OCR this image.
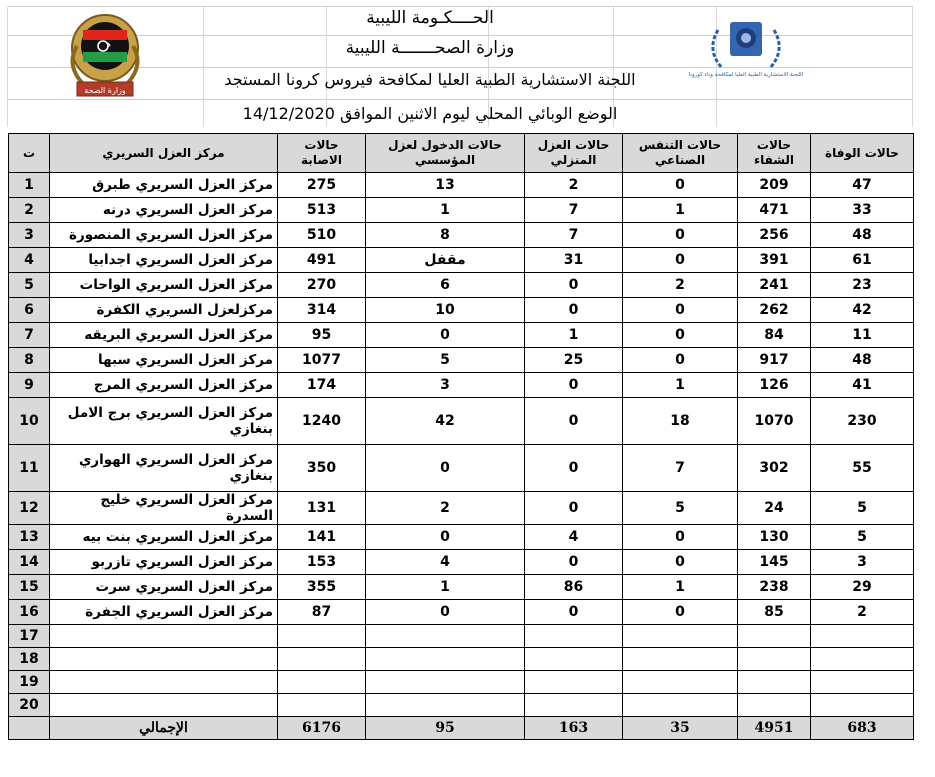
وزارة الصحة
اللجنة الاستشارية الطبية العليا لمكافحة وباء كورونا
الحــــكـومة الليبية
وزارة الصحـــــــة الليبية
اللجنة الاستشارية الطبية العليا لمكافحة فيروس كرونا المستجد
الوضع الوبائي المحلي ليوم الاثنين الموافق 14/12/2020
ت	مركز العزل السريري	حالات الاصابة	حالات الدخول لعزل المؤسسي	حالات العزل المنزلي	حالات التنفس الصناعي	حالات الشفاء	حالات الوفاة
1	مركز العزل السريري طبرق	275	13	2	0	209	47
2	مركز العزل السريري درنه	513	1	7	1	471	33
3	مركز العزل السريري المنصورة	510	8	7	0	256	48
4	مركز العزل السريري اجدابيا	491	مقفل	31	0	391	61
5	مركز العزل السريري الواحات	270	6	0	2	241	23
6	مركزلعزل السريري الكفرة	314	10	0	0	262	42
7	مركز العزل السريري البريقه	95	0	1	0	84	11
8	مركز العزل السريري سبها	1077	5	25	0	917	48
9	مركز العزل السريري المرج	174	3	0	1	126	41
10	مركز العزل السريري برج الامل بنغازي	1240	42	0	18	1070	230
11	مركز العزل السريري الهواري بنغازي	350	0	0	7	302	55
12	مركز العزل السريري خليج السدرة	131	2	0	5	24	5
13	مركز العزل السريري بنت بيه	141	0	4	0	130	5
14	مركز العزل السريري تازربو	153	4	0	0	145	3
15	مركز العزل السريري سرت	355	1	86	1	238	29
16	مركز العزل السريري الجفرة	87	0	0	0	85	2
17							
18							
19							
20							
	الإجمالي	6176	95	163	35	4951	683
